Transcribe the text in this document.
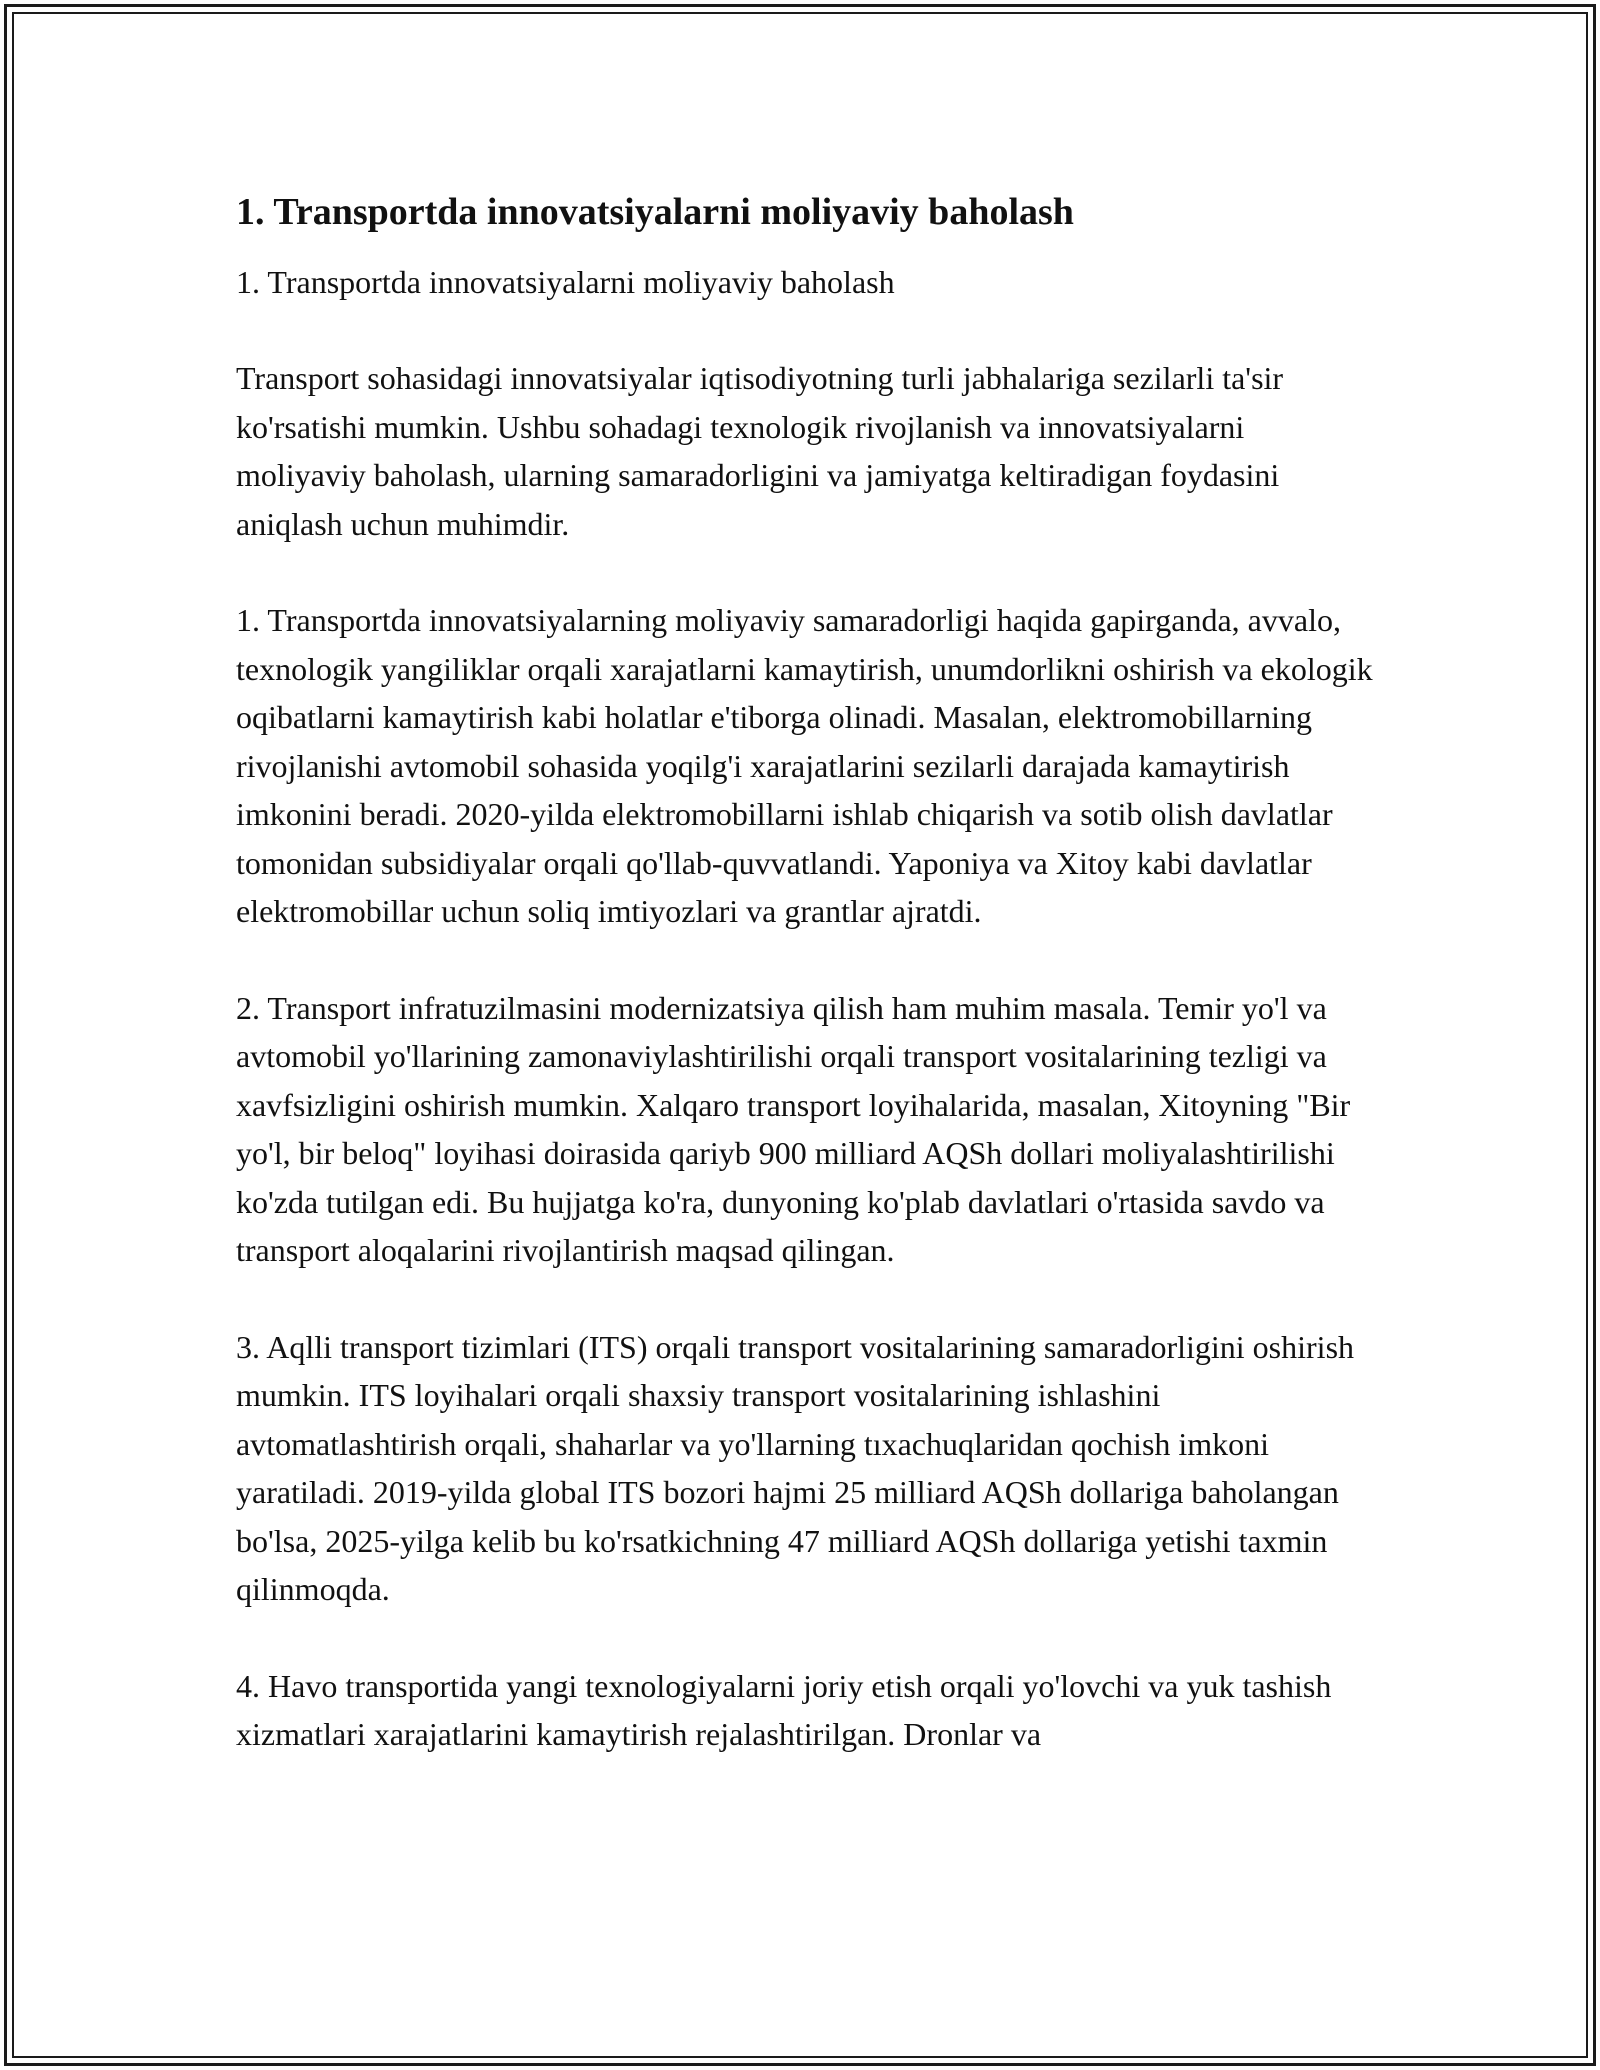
1. Transportda innovatsiyalarni moliyaviy baholash

1. Transportda innovatsiyalarni moliyaviy baholash

Transport sohasidagi innovatsiyalar iqtisodiyotning turli jabhalariga sezilarli ta'sir ko'rsatishi mumkin. Ushbu sohadagi texnologik rivojlanish va innovatsiyalarni moliyaviy baholash, ularning samaradorligini va jamiyatga keltiradigan foydasini aniqlash uchun muhimdir.

1. Transportda innovatsiyalarning moliyaviy samaradorligi haqida gapirganda, avvalo, texnologik yangiliklar orqali xarajatlarni kamaytirish, unumdorlikni oshirish va ekologik oqibatlarni kamaytirish kabi holatlar e'tiborga olinadi. Masalan, elektromobillarning rivojlanishi avtomobil sohasida yoqilg'i xarajatlarini sezilarli darajada kamaytirish imkonini beradi. 2020-yilda elektromobillarni ishlab chiqarish va sotib olish davlatlar tomonidan subsidiyalar orqali qo'llab-quvvatlandi. Yaponiya va Xitoy kabi davlatlar elektromobillar uchun soliq imtiyozlari va grantlar ajratdi.

2. Transport infratuzilmasini modernizatsiya qilish ham muhim masala. Temir yo'l va avtomobil yo'llarining zamonaviylashtirilishi orqali transport vositalarining tezligi va xavfsizligini oshirish mumkin. Xalqaro transport loyihalarida, masalan, Xitoyning "Bir yo'l, bir beloq" loyihasi doirasida qariyb 900 milliard AQSh dollari moliyalashtirilishi ko'zda tutilgan edi. Bu hujjatga ko'ra, dunyoning ko'plab davlatlari o'rtasida savdo va transport aloqalarini rivojlantirish maqsad qilingan.

3. Aqlli transport tizimlari (ITS) orqali transport vositalarining samaradorligini oshirish mumkin. ITS loyihalari orqali shaxsiy transport vositalarining ishlashini avtomatlashtirish orqali, shaharlar va yo'llarning tıxachuqlaridan qochish imkoni yaratiladi. 2019-yilda global ITS bozori hajmi 25 milliard AQSh dollariga baholangan bo'lsa, 2025-yilga kelib bu ko'rsatkichning 47 milliard AQSh dollariga yetishi taxmin qilinmoqda.

4. Havo transportida yangi texnologiyalarni joriy etish orqali yo'lovchi va yuk tashish xizmatlari xarajatlarini kamaytirish rejalashtirilgan. Dronlar va
